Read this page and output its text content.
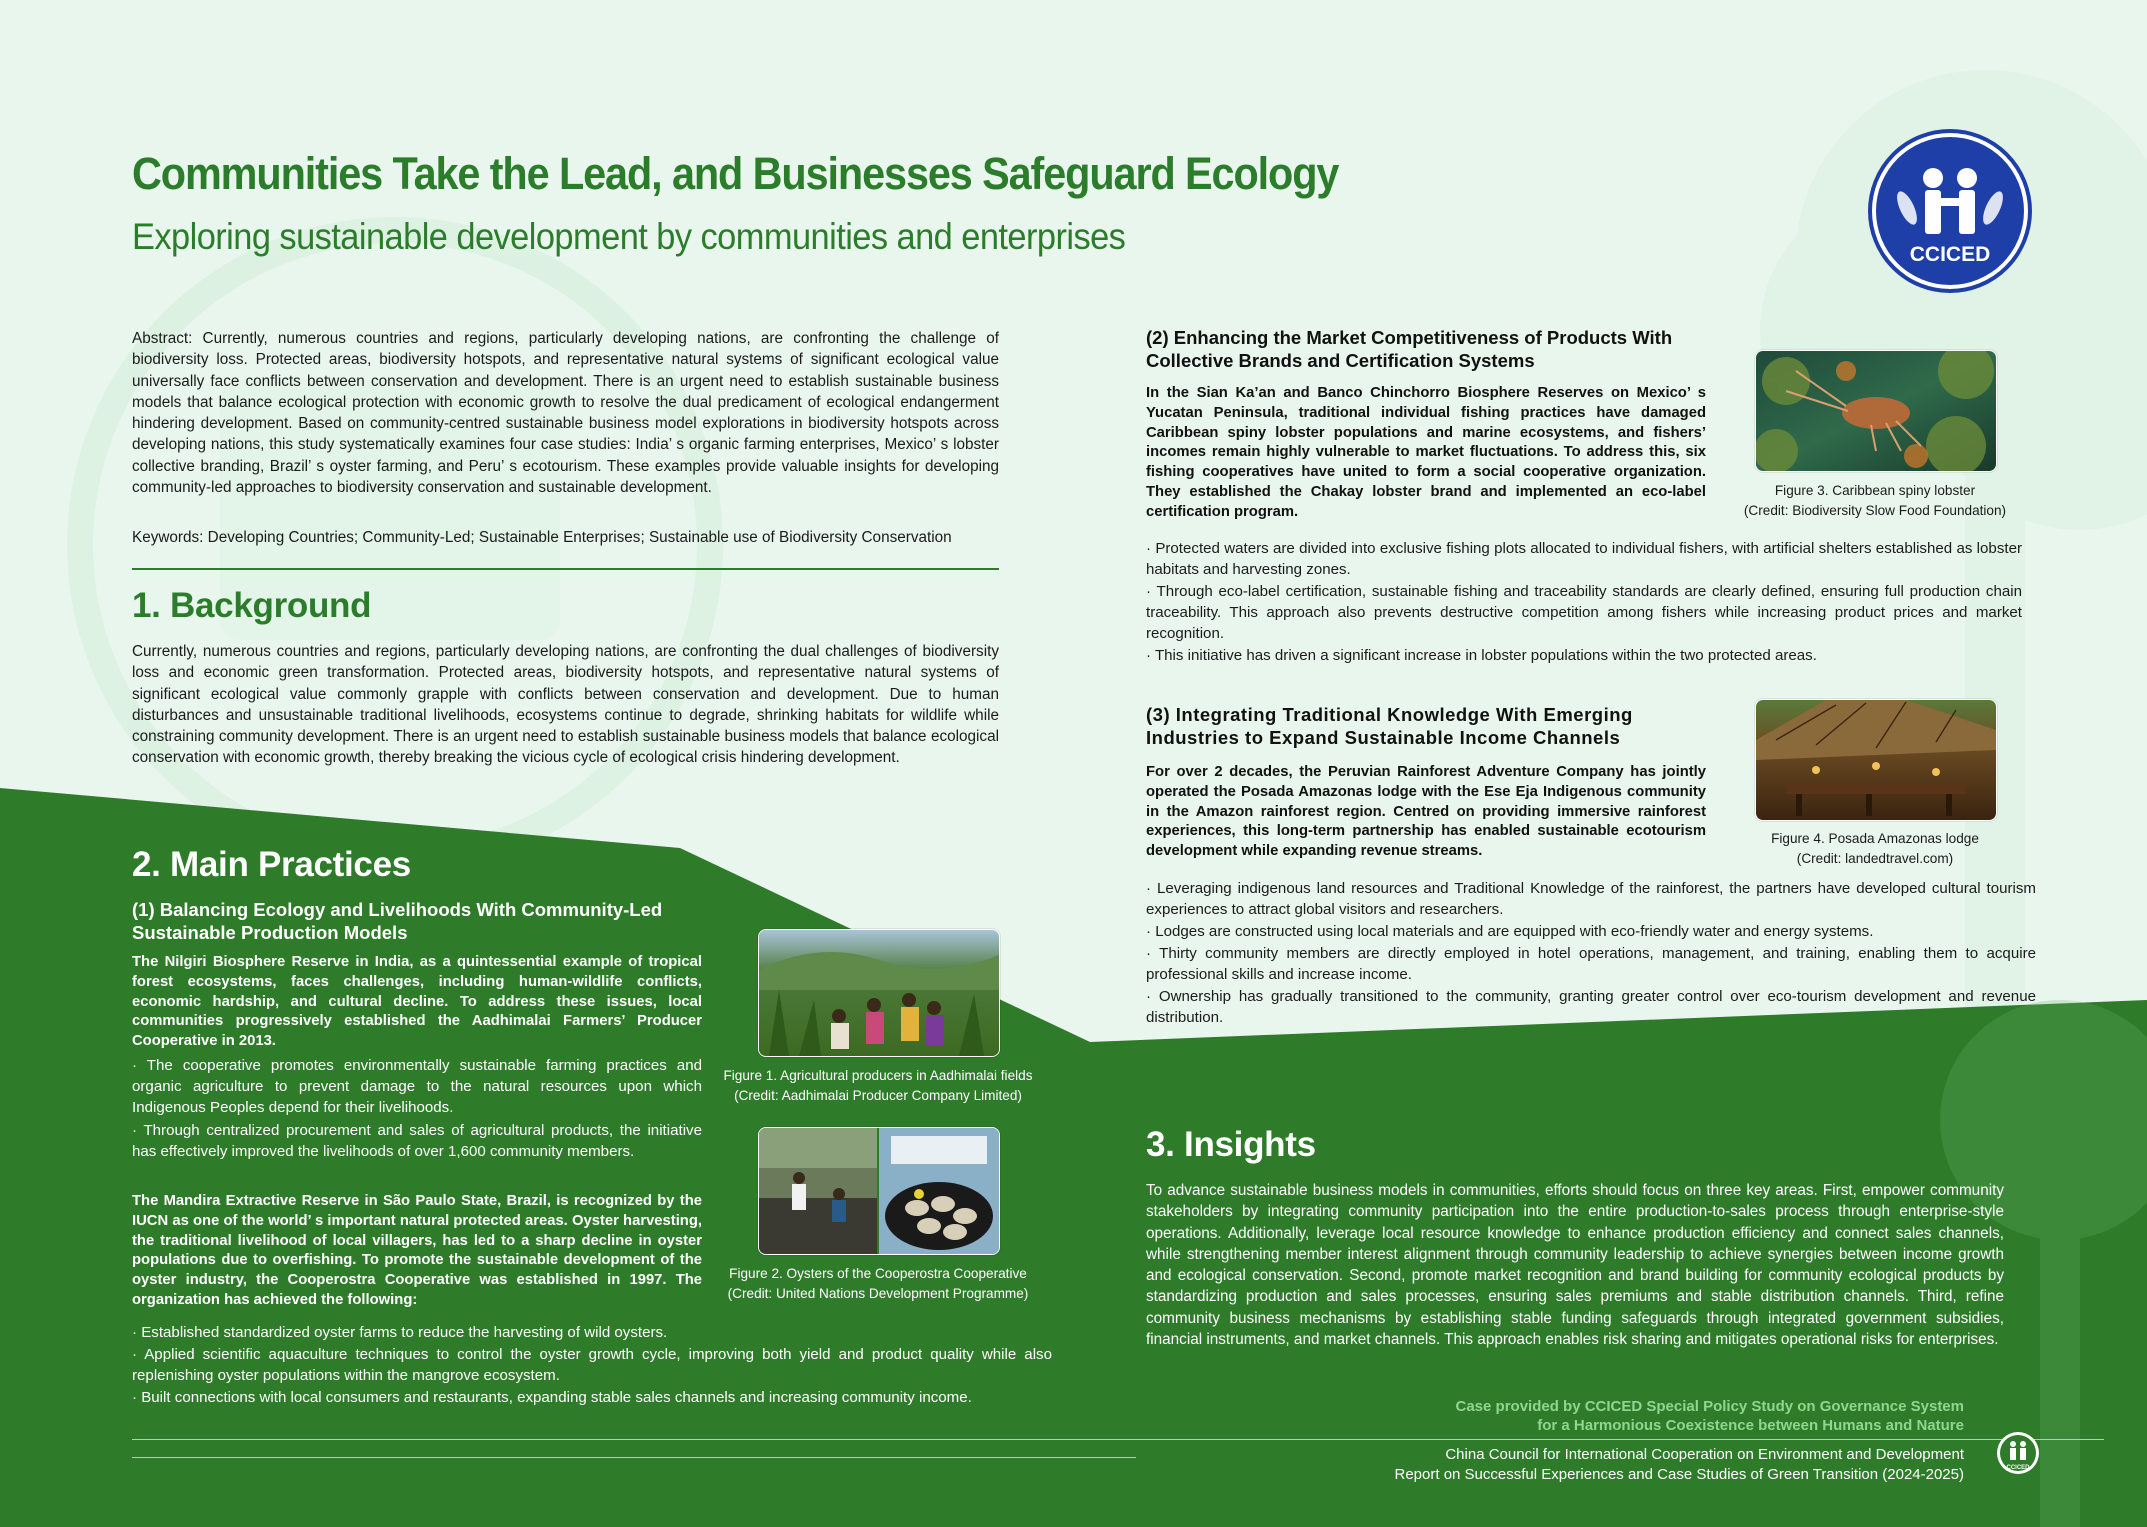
Communities Take the Lead, and Businesses Safeguard Ecology
Exploring sustainable development by communities and enterprises	CCICED
Abstract: Currently, numerous countries and regions, particularly developing nations, are confronting the challenge of biodiversity loss. Protected areas, biodiversity hotspots, and representative natural systems of significant ecological value universally face conflicts between conservation and development. There is an urgent need to establish sustainable business models that balance ecological protection with economic growth to resolve the dual predicament of ecological endangerment hindering development. Based on community-centred sustainable business model explorations in biodiversity hotspots across developing nations, this study systematically examines four case studies: India’ s organic farming enterprises, Mexico’ s lobster collective branding, Brazil’ s oyster farming, and Peru’ s ecotourism. These examples provide valuable insights for developing community-led approaches to biodiversity conservation and sustainable development.
Keywords: Developing Countries; Community-Led; Sustainable Enterprises; Sustainable use of Biodiversity Conservation
1. Background
Currently, numerous countries and regions, particularly developing nations, are confronting the dual challenges of biodiversity loss and economic green transformation. Protected areas, biodiversity hotspots, and representative natural systems of significant ecological value commonly grapple with conflicts between conservation and development. Due to human disturbances and unsustainable traditional livelihoods, ecosystems continue to degrade, shrinking habitats for wildlife while constraining community development. There is an urgent need to establish sustainable business models that balance ecological conservation with economic growth, thereby breaking the vicious cycle of ecological crisis hindering development.
2. Main Practices
(1) Balancing Ecology and Livelihoods With Community-Led Sustainable Production Models
The Nilgiri Biosphere Reserve in India, as a quintessential example of tropical forest ecosystems, faces challenges, including human-wildlife conflicts, economic hardship, and cultural decline. To address these issues, local communities progressively established the Aadhimalai Farmers’ Producer Cooperative in 2013.

· The cooperative promotes environmentally sustainable farming practices and organic agriculture to prevent damage to the natural resources upon which Indigenous Peoples depend for their livelihoods.

· Through centralized procurement and sales of agricultural products, the initiative has effectively improved the livelihoods of over 1,600 community members.

The Mandira Extractive Reserve in São Paulo State, Brazil, is recognized by the IUCN as one of the world’ s important natural protected areas. Oyster harvesting, the traditional livelihood of local villagers, has led to a sharp decline in oyster populations due to overfishing. To promote the sustainable development of the oyster industry, the Cooperostra Cooperative was established in 1997. The organization has achieved the following:

· Established standardized oyster farms to reduce the harvesting of wild oysters.

· Applied scientific aquaculture techniques to control the oyster growth cycle, improving both yield and product quality while also replenishing oyster populations within the mangrove ecosystem.

· Built connections with local consumers and restaurants, expanding stable sales channels and increasing community income.

Figure 1. Agricultural producers in Aadhimalai fields
(Credit: Aadhimalai Producer Company Limited)
Figure 2. Oysters of the Cooperostra Cooperative
(Credit: United Nations Development Programme)
(2) Enhancing the Market Competitiveness of Products With Collective Brands and Certification Systems
In the Sian Ka’an and Banco Chinchorro Biosphere Reserves on Mexico’ s Yucatan Peninsula, traditional individual fishing practices have damaged Caribbean spiny lobster populations and marine ecosystems, and fishers’ incomes remain highly vulnerable to market fluctuations. To address this, six fishing cooperatives have united to form a social cooperative organization. They established the Chakay lobster brand and implemented an eco-label certification program.

· Protected waters are divided into exclusive fishing plots allocated to individual fishers, with artificial shelters established as lobster habitats and harvesting zones.

· Through eco-label certification, sustainable fishing and traceability standards are clearly defined, ensuring full production chain traceability. This approach also prevents destructive competition among fishers while increasing product prices and market recognition.

· This initiative has driven a significant increase in lobster populations within the two protected areas.

Figure 3. Caribbean spiny lobster
(Credit: Biodiversity Slow Food Foundation)
(3) Integrating Traditional Knowledge With Emerging Industries to Expand Sustainable Income Channels
For over 2 decades, the Peruvian Rainforest Adventure Company has jointly operated the Posada Amazonas lodge with the Ese Eja Indigenous community in the Amazon rainforest region. Centred on providing immersive rainforest experiences, this long-term partnership has enabled sustainable ecotourism development while expanding revenue streams.

· Leveraging indigenous land resources and Traditional Knowledge of the rainforest, the partners have developed cultural tourism experiences to attract global visitors and researchers.

· Lodges are constructed using local materials and are equipped with eco-friendly water and energy systems.

· Thirty community members are directly employed in hotel operations, management, and training, enabling them to acquire professional skills and increase income.

· Ownership has gradually transitioned to the community, granting greater control over eco-tourism development and revenue distribution.

Figure 4. Posada Amazonas lodge
(Credit: landedtravel.com)
3. Insights
To advance sustainable business models in communities, efforts should focus on three key areas. First, empower community stakeholders by integrating community participation into the entire production-to-sales process through enterprise-style operations. Additionally, leverage local resource knowledge to enhance production efficiency and connect sales channels, while strengthening member interest alignment through community leadership to achieve synergies between income growth and ecological conservation. Second, promote market recognition and brand building for community ecological products by standardizing production and sales processes, ensuring sales premiums and stable distribution channels. Third, refine community business mechanisms by establishing stable funding safeguards through integrated government subsidies, financial instruments, and market channels. This approach enables risk sharing and mitigates operational risks for enterprises.
Case provided by CCICED Special Policy Study on Governance System
for a Harmonious Coexistence between Humans and Nature
China Council for International Cooperation on Environment and Development
Report on Successful Experiences and Case Studies of Green Transition (2024-2025)	CCICED
